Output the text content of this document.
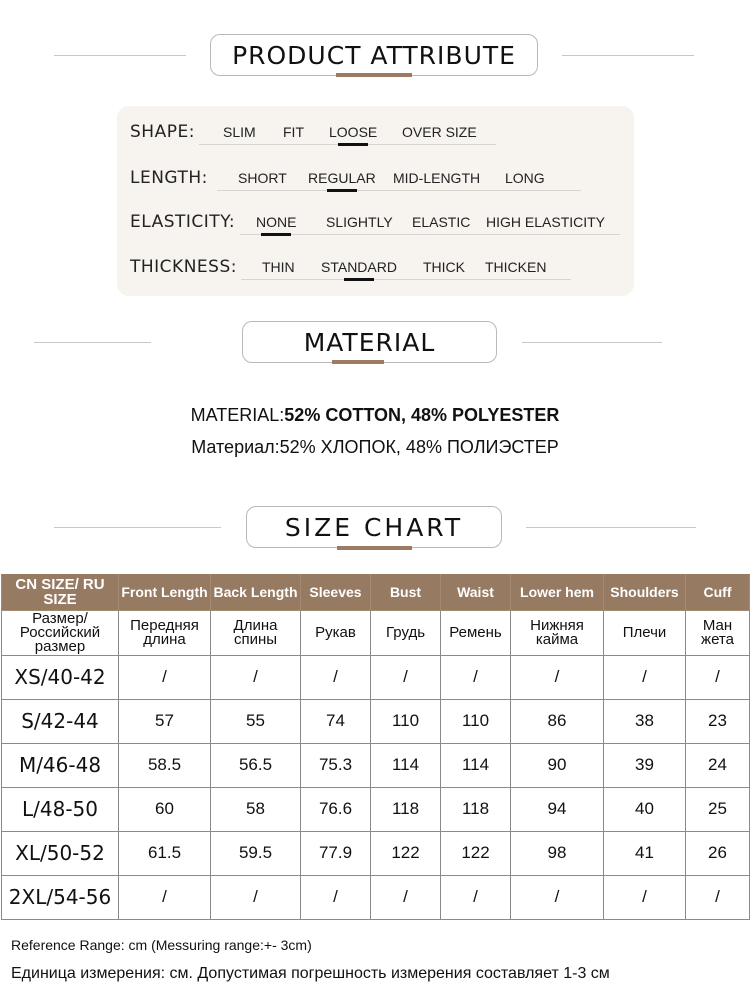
PRODUCT ATTRIBUTE
SHAPE: SLIM FIT LOOSE OVER SIZE
LENGTH: SHORT REGULAR MID-LENGTH LONG
ELASTICITY: NONE SLIGHTLY ELASTIC HIGH ELASTICITY
THICKNESS: THIN STANDARD THICK THICKEN
MATERIAL
MATERIAL:52% COTTON, 48% POLYESTER
Материал:52% ХЛОПОК, 48% ПОЛИЭСТЕР
SIZE CHART
CN SIZE/ RU SIZE	Front Length	Back Length	Sleeves	Bust	Waist	Lower hem	Shoulders	Cuff
Размер/ Российский размер	Передняя длина	Длина спины	Рукав	Грудь	Ремень	Нижняя кайма	Плечи	Ман жета
XS/40-42	/	/	/	/	/	/	/	/
S/42-44	57	55	74	110	110	86	38	23
M/46-48	58.5	56.5	75.3	114	114	90	39	24
L/48-50	60	58	76.6	118	118	94	40	25
XL/50-52	61.5	59.5	77.9	122	122	98	41	26
2XL/54-56	/	/	/	/	/	/	/	/
Reference Range: cm (Messuring range:+- 3cm)
Единица измерения: см. Допустимая погрешность измерения составляет 1-3 см
